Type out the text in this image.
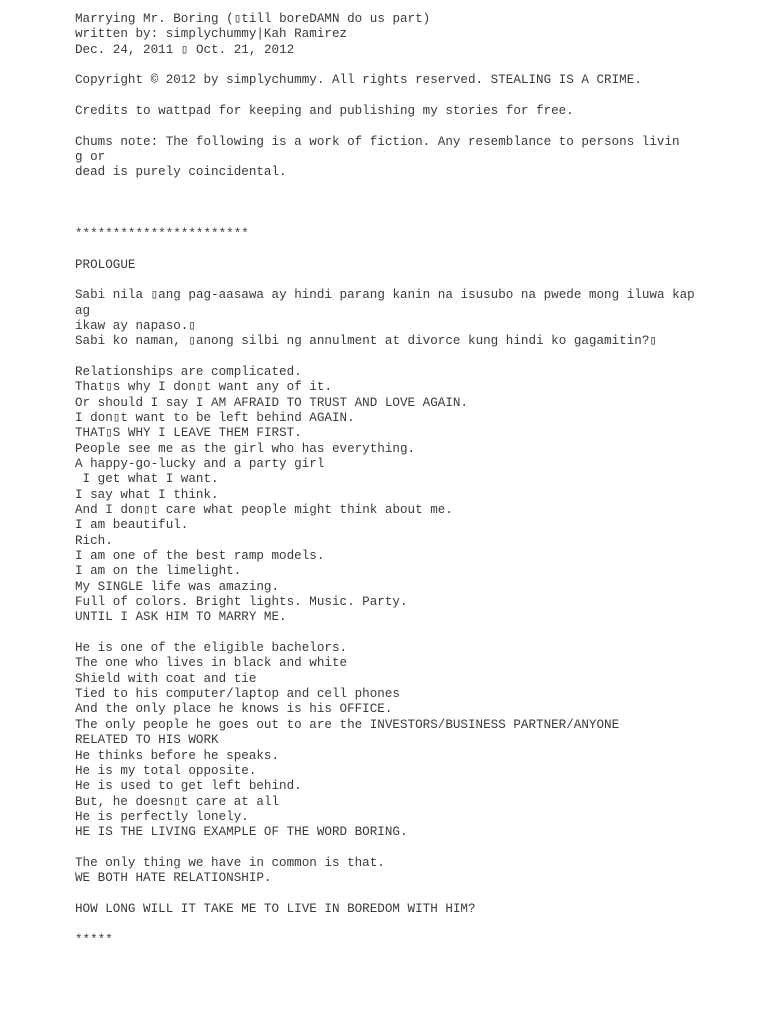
Marrying Mr. Boring (▯till boreDAMN do us part)
written by: simplychummy|Kah Ramirez
Dec. 24, 2011 ▯ Oct. 21, 2012
Copyright © 2012 by simplychummy. All rights reserved. STEALING IS A CRIME.
Credits to wattpad for keeping and publishing my stories for free.
Chums note: The following is a work of fiction. Any resemblance to persons livin
g or
dead is purely coincidental.
***********************
PROLOGUE
Sabi nila ▯ang pag-aasawa ay hindi parang kanin na isusubo na pwede mong iluwa kap
ag
ikaw ay napaso.▯
Sabi ko naman, ▯anong silbi ng annulment at divorce kung hindi ko gagamitin?▯
Relationships are complicated.
That▯s why I don▯t want any of it.
Or should I say I AM AFRAID TO TRUST AND LOVE AGAIN.
I don▯t want to be left behind AGAIN.
THAT▯S WHY I LEAVE THEM FIRST.
People see me as the girl who has everything.
A happy-go-lucky and a party girl
I get what I want.
I say what I think.
And I don▯t care what people might think about me.
I am beautiful.
Rich.
I am one of the best ramp models.
I am on the limelight.
My SINGLE life was amazing.
Full of colors. Bright lights. Music. Party.
UNTIL I ASK HIM TO MARRY ME.
He is one of the eligible bachelors.
The one who lives in black and white
Shield with coat and tie
Tied to his computer/laptop and cell phones
And the only place he knows is his OFFICE.
The only people he goes out to are the INVESTORS/BUSINESS PARTNER/ANYONE
RELATED TO HIS WORK
He thinks before he speaks.
He is my total opposite.
He is used to get left behind.
But, he doesn▯t care at all
He is perfectly lonely.
HE IS THE LIVING EXAMPLE OF THE WORD BORING.
The only thing we have in common is that.
WE BOTH HATE RELATIONSHIP.
HOW LONG WILL IT TAKE ME TO LIVE IN BOREDOM WITH HIM?
*****
